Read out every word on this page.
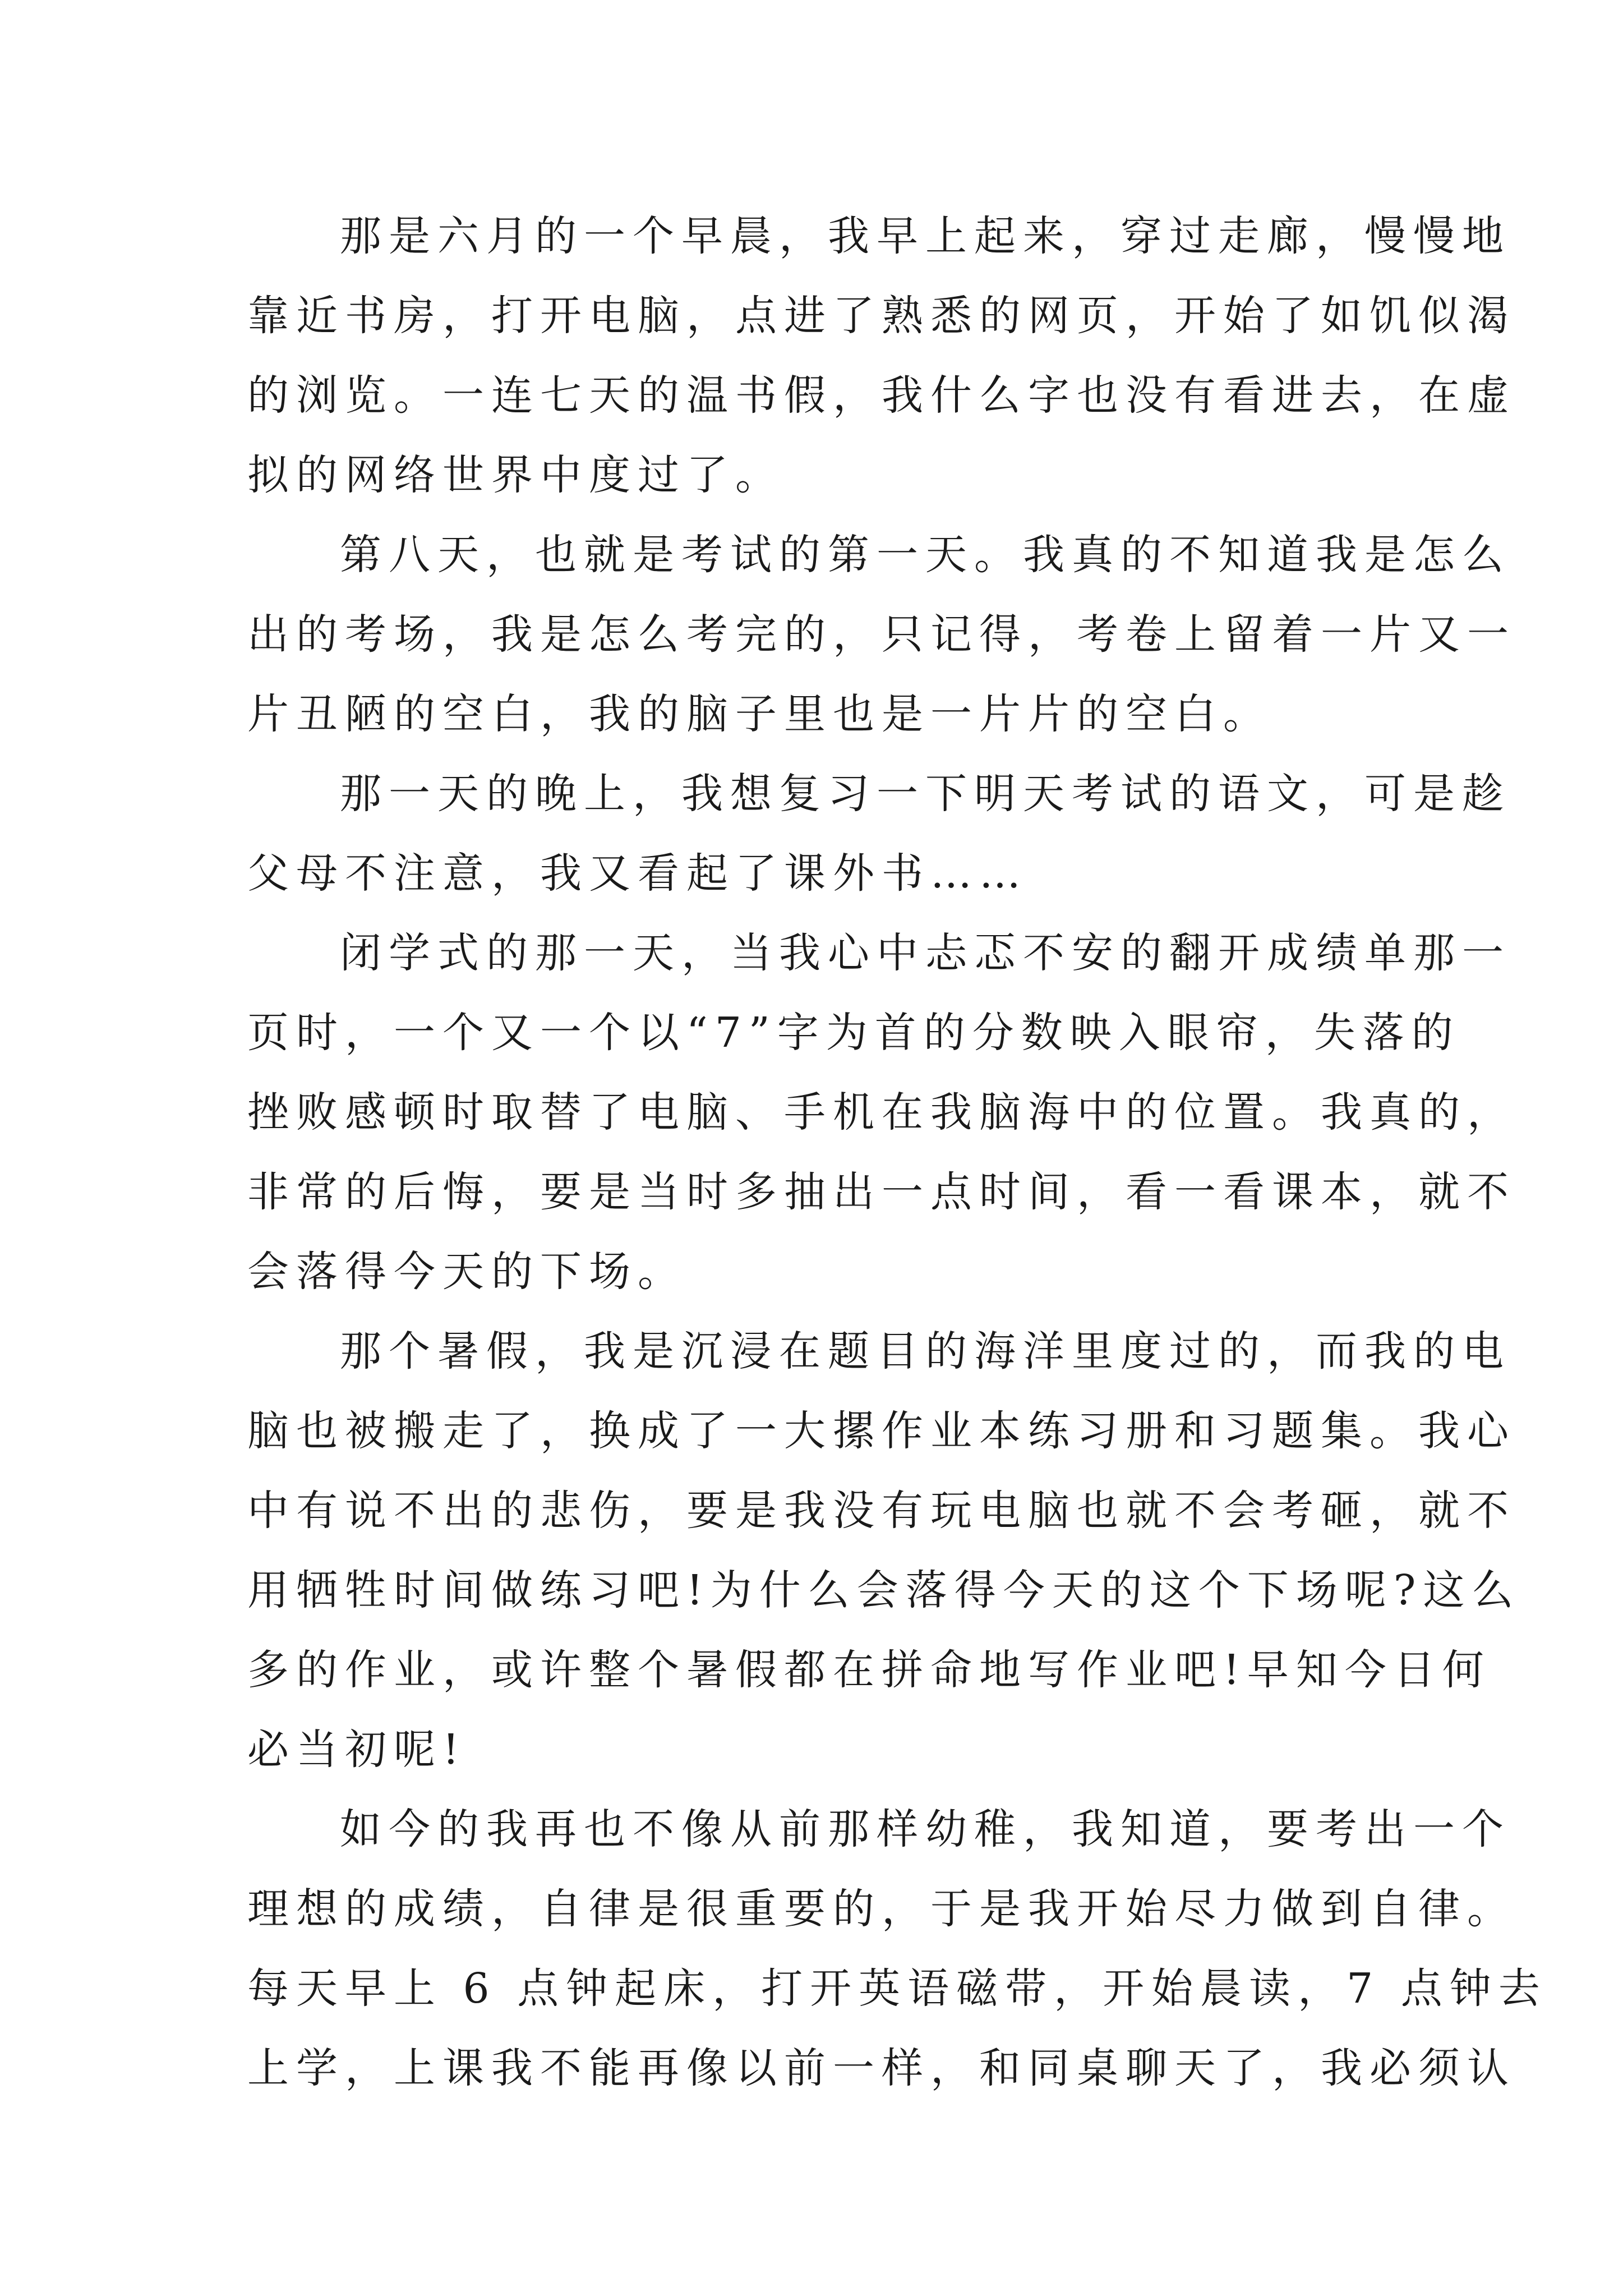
那是六月的一个早晨，我早上起来，穿过走廊，慢慢地
靠近书房，打开电脑，点进了熟悉的网页，开始了如饥似渴
的浏览。一连七天的温书假，我什么字也没有看进去，在虚
拟的网络世界中度过了。

第八天，也就是考试的第一天。我真的不知道我是怎么
出的考场，我是怎么考完的，只记得，考卷上留着一片又一
片丑陋的空白，我的脑子里也是一片片的空白。

那一天的晚上，我想复习一下明天考试的语文，可是趁
父母不注意，我又看起了课外书……

闭学式的那一天，当我心中忐忑不安的翻开成绩单那一
页时，一个又一个以“7”字为首的分数映入眼帘，失落的
挫败感顿时取替了电脑、手机在我脑海中的位置。我真的，
非常的后悔，要是当时多抽出一点时间，看一看课本，就不
会落得今天的下场。

那个暑假，我是沉浸在题目的海洋里度过的，而我的电
脑也被搬走了，换成了一大摞作业本练习册和习题集。我心
中有说不出的悲伤，要是我没有玩电脑也就不会考砸，就不
用牺牲时间做练习吧!为什么会落得今天的这个下场呢?这么
多的作业，或许整个暑假都在拼命地写作业吧!早知今日何
必当初呢!

如今的我再也不像从前那样幼稚，我知道，要考出一个
理想的成绩，自律是很重要的，于是我开始尽力做到自律。
每天早上 6 点钟起床，打开英语磁带，开始晨读，7 点钟去
上学，上课我不能再像以前一样，和同桌聊天了，我必须认
